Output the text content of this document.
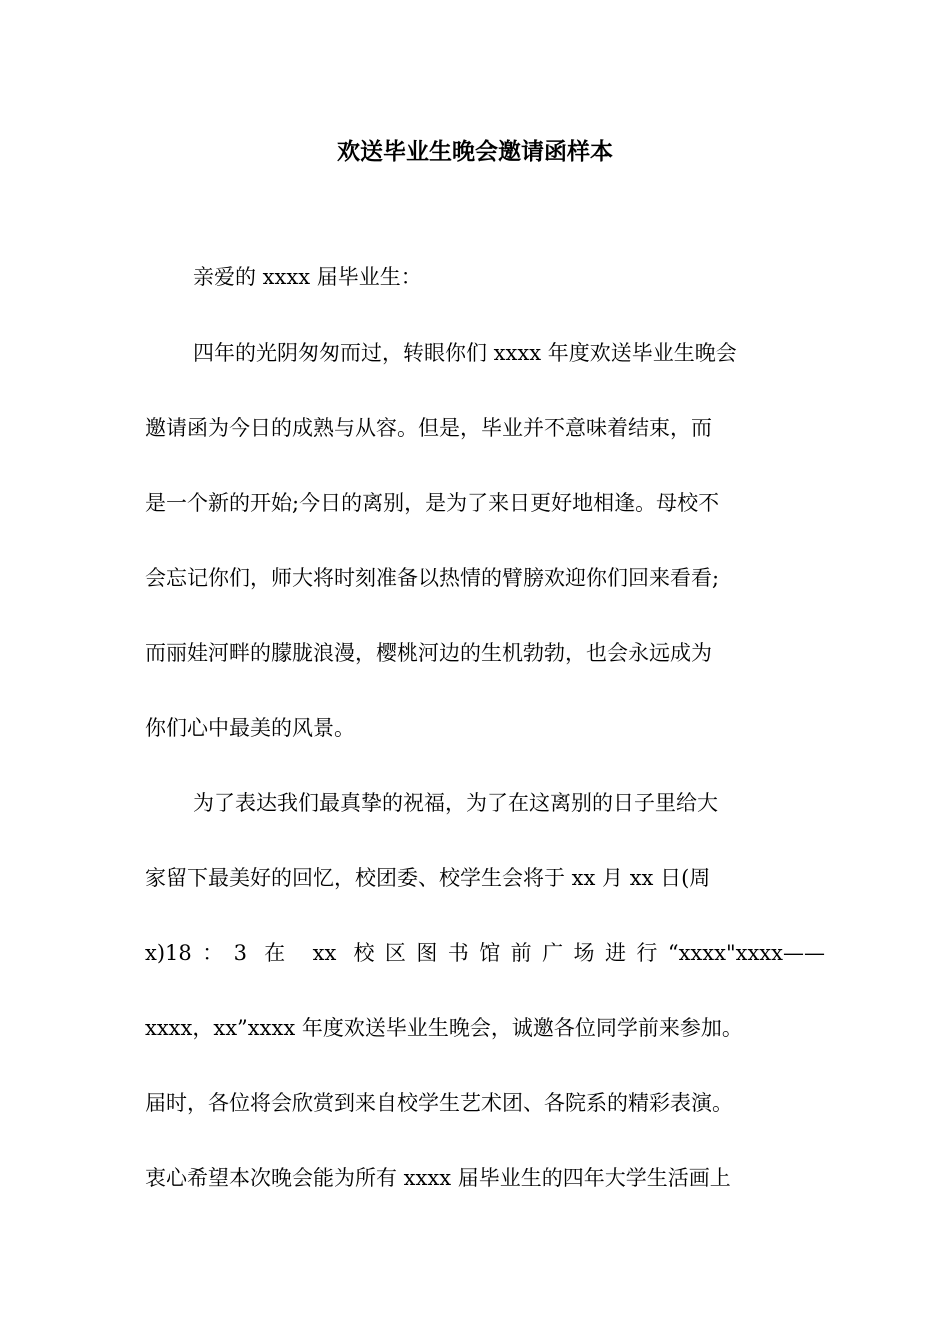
欢送毕业生晚会邀请函样本
亲爱的 xxxx 届毕业生：
四年的光阴匆匆而过，转眼你们 xxxx 年度欢送毕业生晚会
邀请函为今日的成熟与从容。但是，毕业并不意味着结束，而
是一个新的开始;今日的离别，是为了来日更好地相逢。母校不
会忘记你们，师大将时刻准备以热情的臂膀欢迎你们回来看看;
而丽娃河畔的朦胧浪漫，樱桃河边的生机勃勃，也会永远成为
你们心中最美的风景。
为了表达我们最真挚的祝福，为了在这离别的日子里给大
家留下最美好的回忆，校团委、校学生会将于 xx 月 xx 日(周
x)18：3 在 xx 校区图书馆前广场进行“xxxx"xxxx——
xxxx，xx”xxxx 年度欢送毕业生晚会，诚邀各位同学前来参加。
届时，各位将会欣赏到来自校学生艺术团、各院系的精彩表演。
衷心希望本次晚会能为所有 xxxx 届毕业生的四年大学生活画上
